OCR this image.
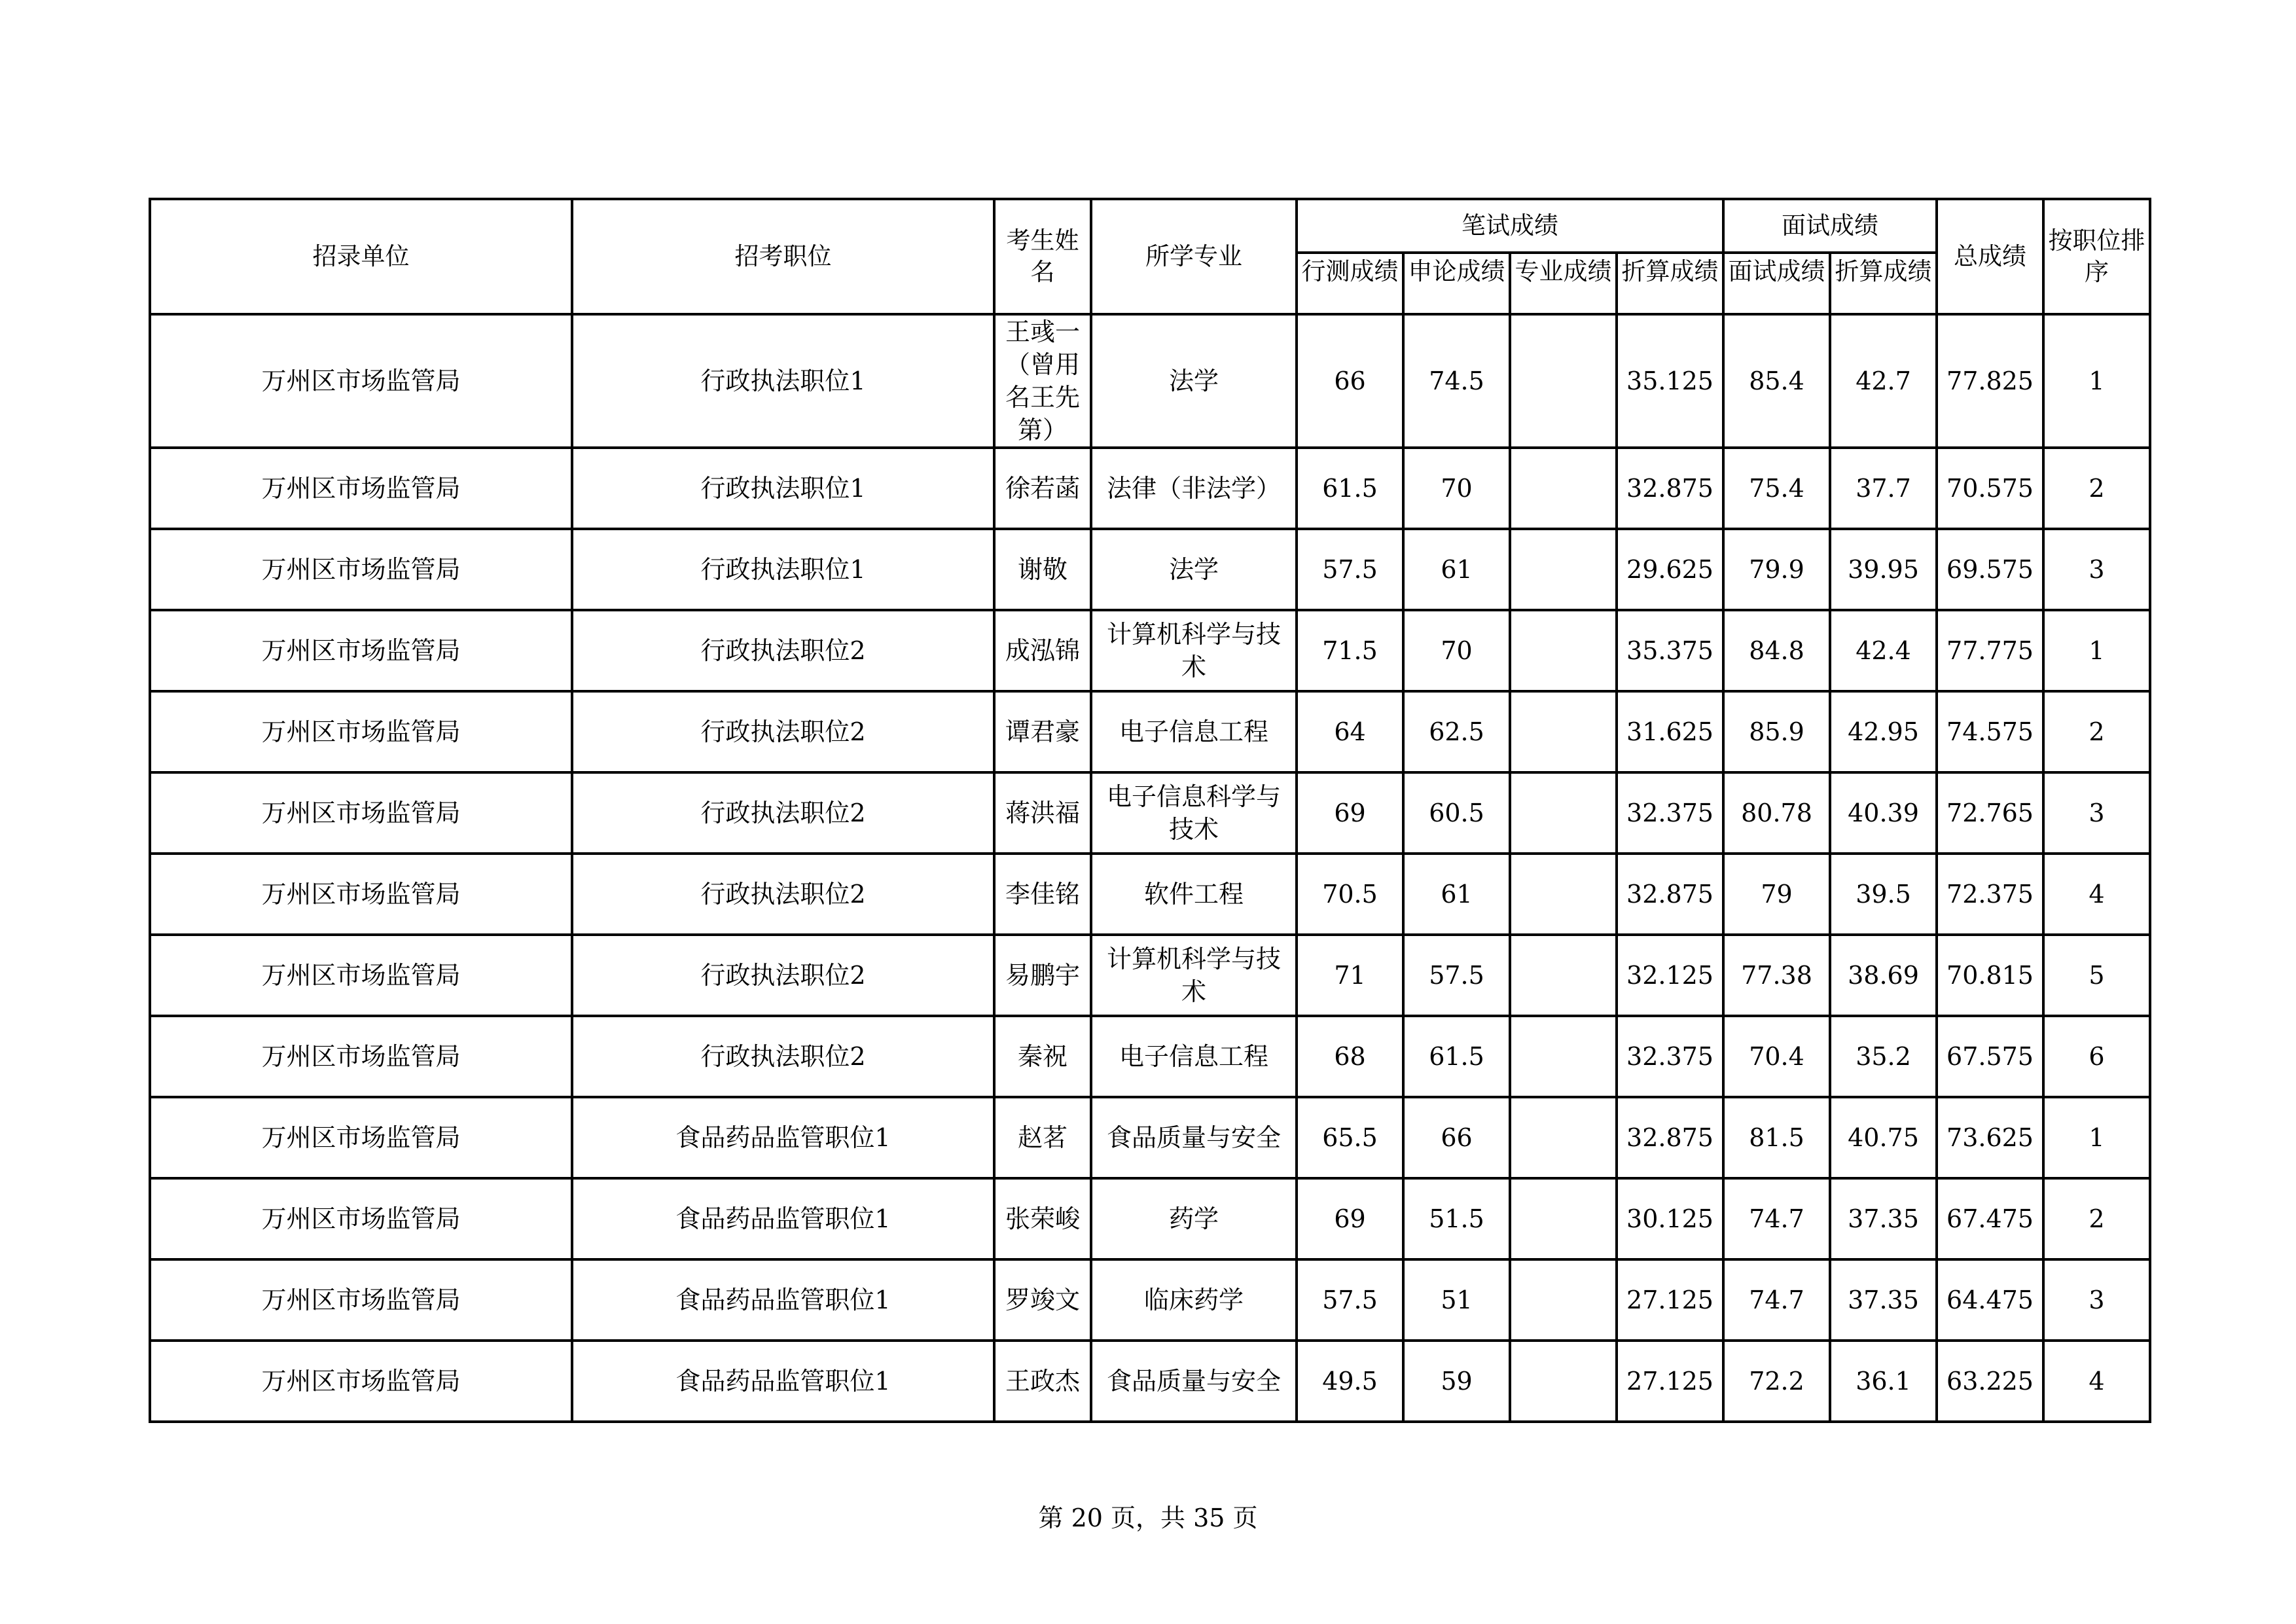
招录单位	招考职位	考生姓名	所学专业	笔试成绩				面试成绩		总成绩	按职位排序

				行测成绩	申论成绩	专业成绩	折算成绩	面试成绩	折算成绩		

万州区市场监管局	行政执法职位1	王彧一（曾用名王先第）	法学	66	74.5		35.125	85.4	42.7	77.825	1
万州区市场监管局	行政执法职位1	徐若菡	法律（非法学）	61.5	70		32.875	75.4	37.7	70.575	2
万州区市场监管局	行政执法职位1	谢敬	法学	57.5	61		29.625	79.9	39.95	69.575	3
万州区市场监管局	行政执法职位2	成泓锦	计算机科学与技术	71.5	70		35.375	84.8	42.4	77.775	1
万州区市场监管局	行政执法职位2	谭君豪	电子信息工程	64	62.5		31.625	85.9	42.95	74.575	2
万州区市场监管局	行政执法职位2	蒋洪福	电子信息科学与技术	69	60.5		32.375	80.78	40.39	72.765	3
万州区市场监管局	行政执法职位2	李佳铭	软件工程	70.5	61		32.875	79	39.5	72.375	4
万州区市场监管局	行政执法职位2	易鹏宇	计算机科学与技术	71	57.5		32.125	77.38	38.69	70.815	5
万州区市场监管局	行政执法职位2	秦祝	电子信息工程	68	61.5		32.375	70.4	35.2	67.575	6
万州区市场监管局	食品药品监管职位1	赵茗	食品质量与安全	65.5	66		32.875	81.5	40.75	73.625	1
万州区市场监管局	食品药品监管职位1	张荣峻	药学	69	51.5		30.125	74.7	37.35	67.475	2
万州区市场监管局	食品药品监管职位1	罗竣文	临床药学	57.5	51		27.125	74.7	37.35	64.475	3
万州区市场监管局	食品药品监管职位1	王政杰	食品质量与安全	49.5	59		27.125	72.2	36.1	63.225	4
第 20 页，共 35 页
